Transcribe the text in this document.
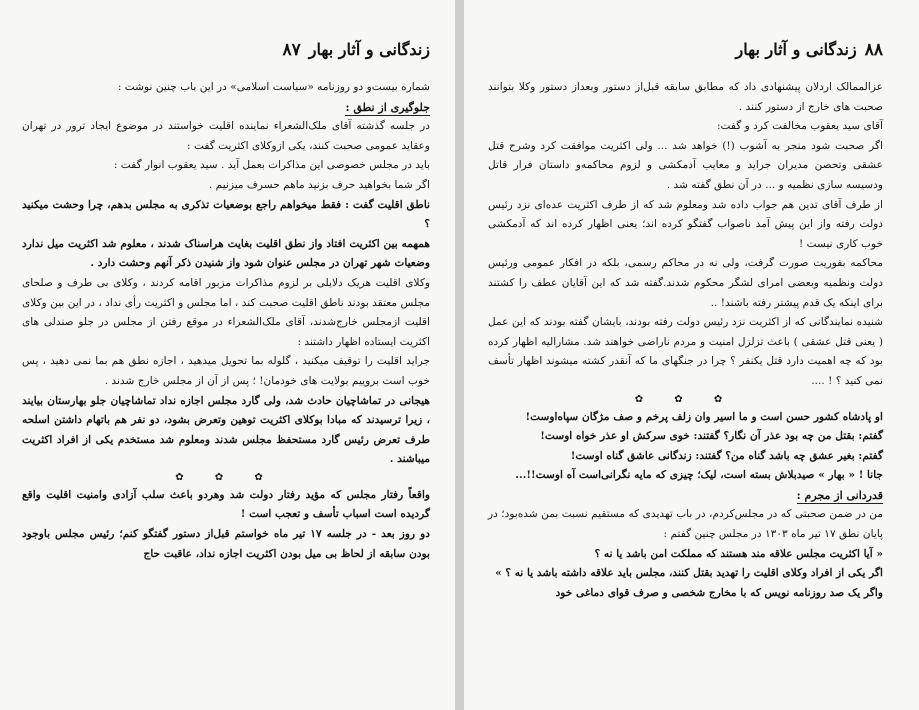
زندگانی و آثار بهار
۸۷

شماره بیست‌و دو روزنامه «سیاست اسلامی» در این باب چنین نوشت :

جلوگیری از نطق :

در جلسه گذشته آقای ملک‌الشعراء نماینده اقلیت خواستند در موضوع ایجاد ترور در تهران وعقاید عمومی صحبت کنند، یکی ازوکلای اکثریت گفت :

باید در مجلس خصوصی این مذاکرات بعمل آید . سید یعقوب انوار گفت :

اگر شما بخواهید حرف بزنید ماهم حسرف میزنیم .

ناطق اقلیت گفت : فقط میخواهم راجع بوضعیات تذکری به مجلس بدهم، چرا وحشت میکنید ؟

همهمه بین اکثریت افتاد واز نطق اقلیت بغایت هراسناک شدند ، معلوم شد اکثریت میل ندارد وضعیات شهر تهران در مجلس عنوان شود واز شنیدن ذکر آنهم وحشت دارد .

وکلای اقلیت هریک دلایلی بر لزوم مذاکرات مزبور اقامه کردند ، وکلای بی طرف و صلحای مجلس معتقد بودند ناطق اقلیت صحبت کند ، اما مجلس و اکثریت رأی نداد ، در این بین وکلای اقلیت ازمجلس خارج‌شدند، آقای ملک‌الشعراء در موقع رفتن از مجلس در جلو صندلی های اکثریت ایستاده اظهار داشتند :

جراید اقلیت را توقیف میکنید ، گلوله بما تحویل میدهید ، اجازه نطق هم بما نمی دهید ، پس خوب است بروییم بولایت های خودمان! ؛ پس از آن از مجلس خارج شدند .

هیجانی در تماشاچیان حادث شد، ولی گارد مجلس اجازه نداد تماشاچیان جلو بهارستان بیایند ، زیرا ترسیدند که مبادا بوکلای اکثریت توهین وتعرض بشود، دو نفر هم باتهام داشتن اسلحه طرف تعرض رئیس گارد مستحفظ مجلس شدند ومعلوم شد مستخدم یکی از افراد اکثریت میباشند .

✿ ✿ ✿

واقعاً رفتار مجلس که مؤید رفتار دولت شد وهردو باعث سلب آزادی وامنیت اقلیت واقع گردیده است اسباب تأسف و تعجب است !

دو روز بعد - در جلسه ۱۷ تیر ماه خواستم قبل‌از دستور گفتگو کنم؛ رئیس مجلس باوجود بودن سابقه از لحاظ بی میل بودن اکثریت اجازه نداد، عاقبت حاج

۸۸
زندگانی و آثار بهار

عزالممالک اردلان پیشنهادی داد که مطابق سابقه قبل‌از دستور وبعداز دستور وکلا بتوانند صحبت های خارج از دستور کنند .

آقای سید یعقوب مخالفت کرد و گفت:

اگر صحبت شود منجر به آشوب (!) خواهد شد ... ولی اکثریت موافقت کرد وشرح قتل عشقی وتحصن مدیران جراید و معایب آدمکشی و لزوم محاکمه‌و داستان فرار قاتل ودسیسه سازی نظمیه و ... در آن نطق گفته شد .

از طرف آقای تدین هم جواب داده شد ومعلوم شد که از طرف اکثریت عده‌ای نزد رئیس دولت رفته واز این پیش آمد ناصواب گفتگو کرده اند؛ یعنی اظهار کرده اند که آدمکشی خوب کاری نیست !

محاکمه بفوریت صورت گرفت، ولی نه در محاکم رسمی، بلکه در افکار عمومی ورئیس دولت ونظمیه وبعضی امرای لشگر محکوم شدند.گفته شد که این آقایان عطف را کشتند برای اینکه یک قدم پیشتر رفته باشند! ..

شنیده نمایندگانی که از اکثریت نزد رئیس دولت رفته بودند، بایشان گفته بودند که این عمل ( یعنی قتل عشقی ) باعث تزلزل امنیت و مردم ناراضی خواهند شد. مشارالیه اظهار کرده بود که چه اهمیت دارد قتل یکنفر ؟ چرا در جنگهای ما که آنقدر کشته میشوند اظهار تأسف نمی کنید ؟ ! ....

✿ ✿ ✿

او پادشاه کشور حسن است و ما اسیر وان زلف پرخم و صف مژگان سپاه‌اوست!

گفتم: بقتل من چه بود عذر آن نگار؟ گفتند: خوی سرکش او عذر خواه اوست!

گفتم: بغیر عشق چه باشد گناه من؟ گفتند: زندگانی عاشق گناه اوست!

جانا ! « بهار » صیدبلاش بسته است، لیک؛ چیزی که مایه نگرانی‌است آه اوست!!...

قدردانی از مجرم :

من در ضمن صحبتی که در مجلس‌کردم، در باب تهدیدی که مستقیم نسبت بمن شده‌بود؛ در پایان نطق ۱۷ تیر ماه ۱۳۰۳ در مجلس چنین گفتم :

« آیا اکثریت مجلس علاقه مند هستند که مملکت امن باشد یا نه ؟

اگر یکی از افراد وکلای اقلیت را تهدید بقتل کنند، مجلس باید علاقه داشته باشد یا نه ؟ »

واگر یک صد روزنامه نویس که با مخارج شخصی و صرف قوای دماغی خود
